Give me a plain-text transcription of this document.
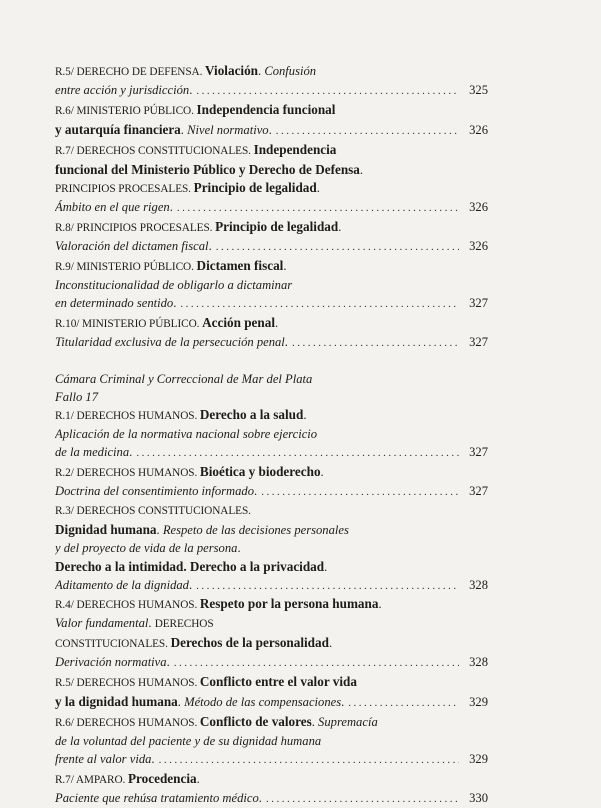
R.5/ DERECHO DE DEFENSA. Violación. Confusión
entre acción y jurisdicción. .....	325
R.6/ MINISTERIO PÚBLICO. Independencia funcional
y autarquía financiera. Nivel normativo. .....	326
R.7/ DERECHOS CONSTITUCIONALES. Independencia
funcional del Ministerio Público y Derecho de Defensa.
PRINCIPIOS PROCESALES. Principio de legalidad.
Ámbito en el que rigen. .....	326
R.8/ PRINCIPIOS PROCESALES. Principio de legalidad.
Valoración del dictamen fiscal. .....	326
R.9/ MINISTERIO PÚBLICO. Dictamen fiscal.
Inconstitucionalidad de obligarlo a dictaminar
en determinado sentido. .....	327
R.10/ MINISTERIO PÚBLICO. Acción penal.
Titularidad exclusiva de la persecución penal. .....	327
Cámara Criminal y Correccional de Mar del Plata
Fallo 17
R.1/ DERECHOS HUMANOS. Derecho a la salud.
Aplicación de la normativa nacional sobre ejercicio
de la medicina. .....	327
R.2/ DERECHOS HUMANOS. Bioética y bioderecho.
Doctrina del consentimiento informado. .....	327
R.3/ DERECHOS CONSTITUCIONALES.
Dignidad humana. Respeto de las decisiones personales
y del proyecto de vida de la persona.
Derecho a la intimidad. Derecho a la privacidad.
Aditamento de la dignidad. .....	328
R.4/ DERECHOS HUMANOS. Respeto por la persona humana.
Valor fundamental. DERECHOS
CONSTITUCIONALES. Derechos de la personalidad.
Derivación normativa. .....	328
R.5/ DERECHOS HUMANOS. Conflicto entre el valor vida
y la dignidad humana. Método de las compensaciones. .....	329
R.6/ DERECHOS HUMANOS. Conflicto de valores. Supremacía
de la voluntad del paciente y de su dignidad humana
frente al valor vida. .....	329
R.7/ AMPARO. Procedencia.
Paciente que rehúsa tratamiento médico. .....	330
